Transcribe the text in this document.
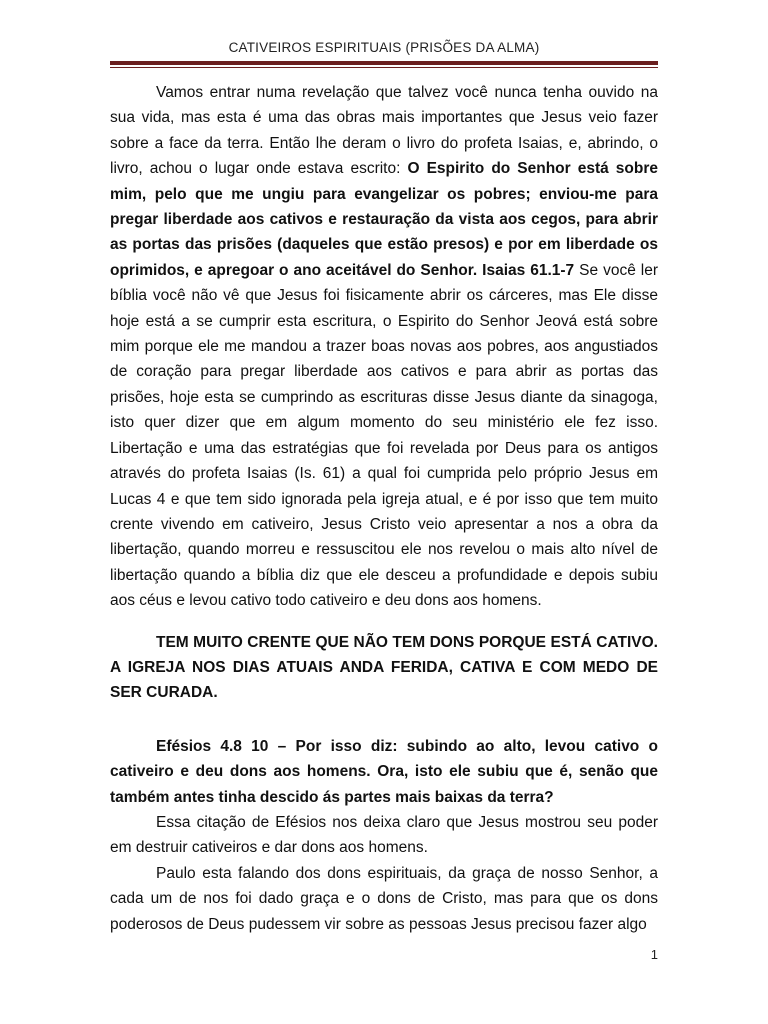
CATIVEIROS ESPIRITUAIS (PRISÕES DA ALMA)

Vamos entrar numa revelação que talvez você nunca tenha ouvido na sua vida, mas esta é uma das obras mais importantes que Jesus veio fazer sobre a face da terra. Então lhe deram o livro do profeta Isaias, e, abrindo, o livro, achou o lugar onde estava escrito: O Espirito do Senhor está sobre mim, pelo que me ungiu para evangelizar os pobres; enviou-me para pregar liberdade aos cativos e restauração da vista aos cegos, para abrir as portas das prisões (daqueles que estão presos) e por em liberdade os oprimidos, e apregoar o ano aceitável do Senhor. Isaias 61.1-7 Se você ler bíblia você não vê que Jesus foi fisicamente abrir os cárceres, mas Ele disse hoje está a se cumprir esta escritura, o Espirito do Senhor Jeová está sobre mim porque ele me mandou a trazer boas novas aos pobres, aos angustiados de coração para pregar liberdade aos cativos e para abrir as portas das prisões, hoje esta se cumprindo as escrituras disse Jesus diante da sinagoga, isto quer dizer que em algum momento do seu ministério ele fez isso. Libertação e uma das estratégias que foi revelada por Deus para os antigos através do profeta Isaias (Is. 61) a qual foi cumprida pelo próprio Jesus em Lucas 4 e que tem sido ignorada pela igreja atual, e é por isso que tem muito crente vivendo em cativeiro, Jesus Cristo veio apresentar a nos a obra da libertação, quando morreu e ressuscitou ele nos revelou o mais alto nível de libertação quando a bíblia diz que ele desceu a profundidade e depois subiu aos céus e levou cativo todo cativeiro e deu dons aos homens.

TEM MUITO CRENTE QUE NÃO TEM DONS PORQUE ESTÁ CATIVO. A IGREJA NOS DIAS ATUAIS ANDA FERIDA, CATIVA E COM MEDO DE SER CURADA.

Efésios 4.8 10 – Por isso diz: subindo ao alto, levou cativo o cativeiro e deu dons aos homens. Ora, isto ele subiu que é, senão que também antes tinha descido ás partes mais baixas da terra?

Essa citação de Efésios nos deixa claro que Jesus mostrou seu poder em destruir cativeiros e dar dons aos homens.

Paulo esta falando dos dons espirituais, da graça de nosso Senhor, a cada um de nos foi dado graça e o dons de Cristo, mas para que os dons poderosos de Deus pudessem vir sobre as pessoas Jesus precisou fazer algo

1
